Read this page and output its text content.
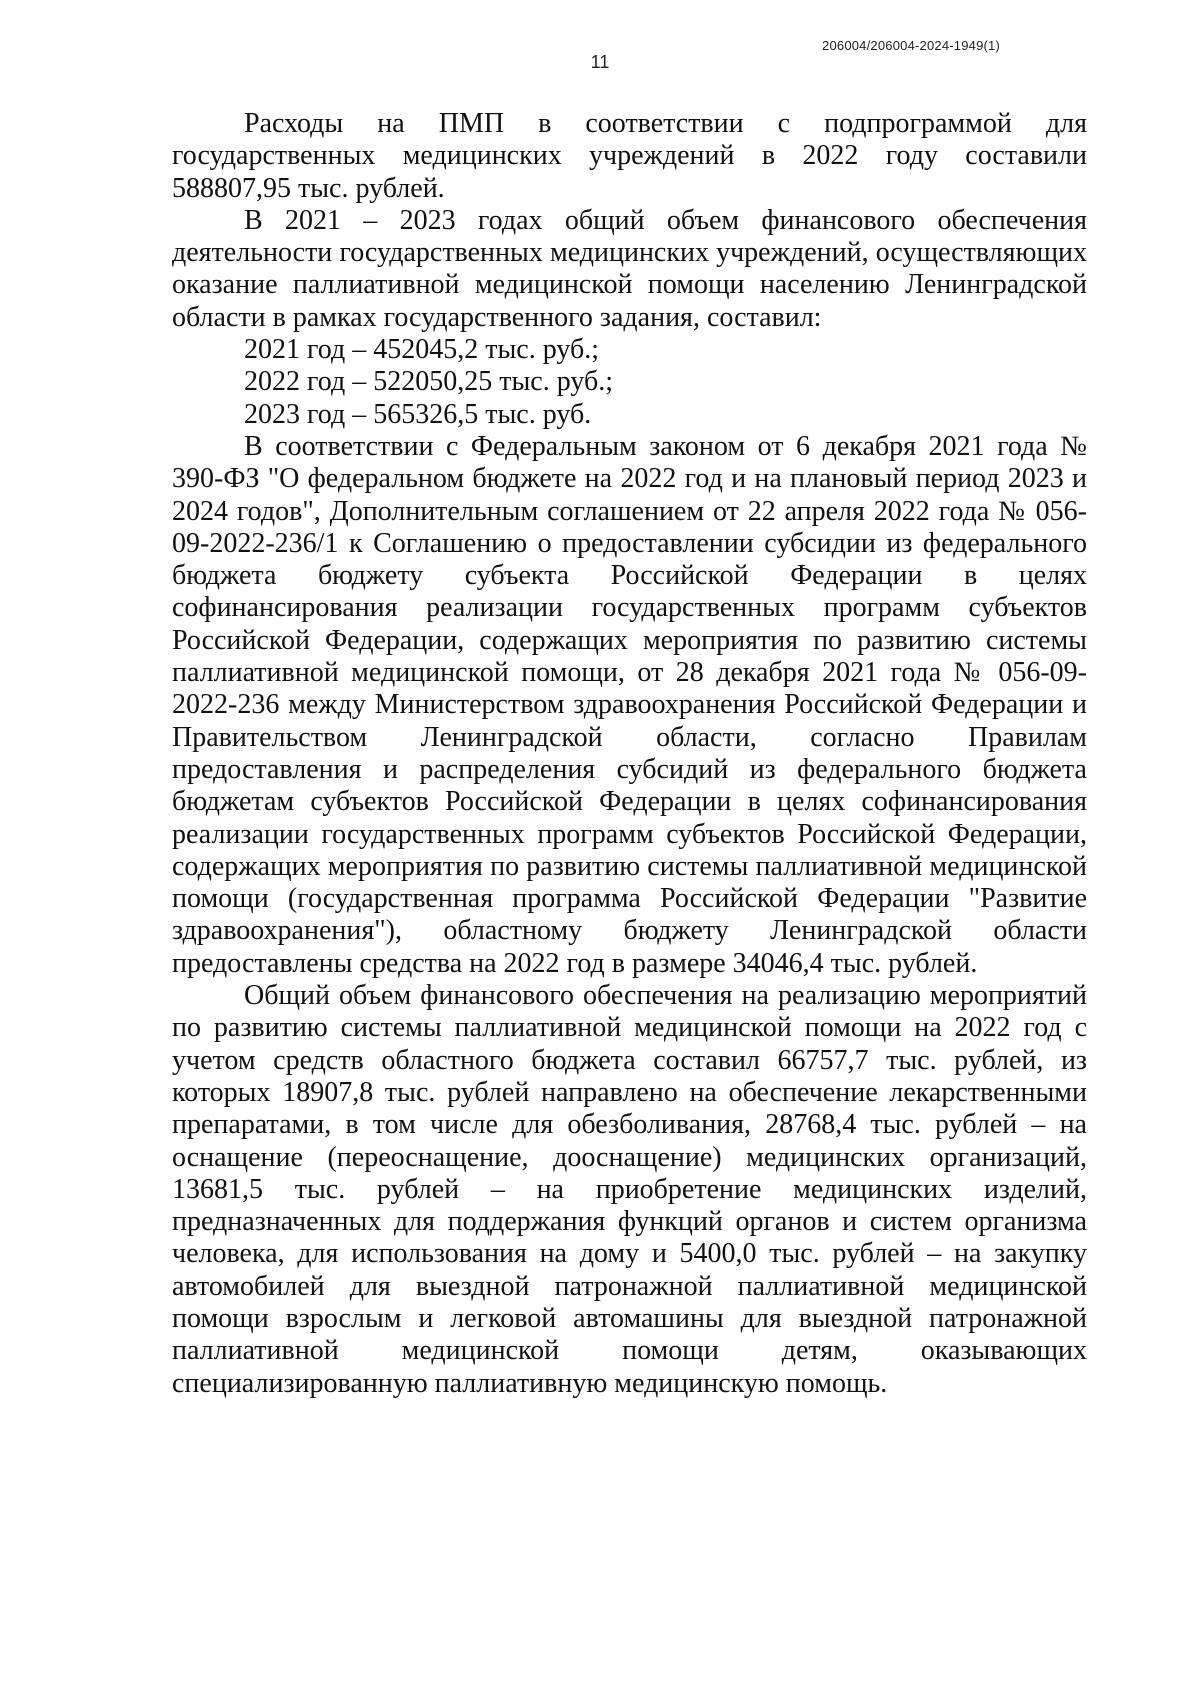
206004/206004-2024-1949(1)
11

Расходы на ПМП в соответствии с подпрограммой для государственных медицинских учреждений в 2022 году составили 588807,95 тыс. рублей.

В 2021 – 2023 годах общий объем финансового обеспечения деятельности государственных медицинских учреждений, осуществляющих оказание паллиативной медицинской помощи населению Ленинградской области в рамках государственного задания, составил:

2021 год – 452045,2 тыс. руб.;

2022 год – 522050,25 тыс. руб.;

2023 год – 565326,5 тыс. руб.

В соответствии с Федеральным законом от 6 декабря 2021 года № 390-ФЗ "О федеральном бюджете на 2022 год и на плановый период 2023 и 2024 годов", Дополнительным соглашением от 22 апреля 2022 года № 056-09-2022-236/1 к Соглашению о предоставлении субсидии из федерального бюджета бюджету субъекта Российской Федерации в целях софинансирования реализации государственных программ субъектов Российской Федерации, содержащих мероприятия по развитию системы паллиативной медицинской помощи, от 28 декабря 2021 года № 056-09-2022-236 между Министерством здравоохранения Российской Федерации и Правительством Ленинградской области, согласно Правилам предоставления и распределения субсидий из федерального бюджета бюджетам субъектов Российской Федерации в целях софинансирования реализации государственных программ субъектов Российской Федерации, содержащих мероприятия по развитию системы паллиативной медицинской помощи (государственная программа Российской Федерации "Развитие здравоохранения"), областному бюджету Ленинградской области предоставлены средства на 2022 год в размере 34046,4 тыс. рублей.

Общий объем финансового обеспечения на реализацию мероприятий по развитию системы паллиативной медицинской помощи на 2022 год с учетом средств областного бюджета составил 66757,7 тыс. рублей, из которых 18907,8 тыс. рублей направлено на обеспечение лекарственными препаратами, в том числе для обезболивания, 28768,4 тыс. рублей – на оснащение (переоснащение, дооснащение) медицинских организаций, 13681,5 тыс. рублей – на приобретение медицинских изделий, предназначенных для поддержания функций органов и систем организма человека, для использования на дому и 5400,0 тыс. рублей – на закупку автомобилей для выездной патронажной паллиативной медицинской помощи взрослым и легковой автомашины для выездной патронажной паллиативной медицинской помощи детям, оказывающих специализированную паллиативную медицинскую помощь.
